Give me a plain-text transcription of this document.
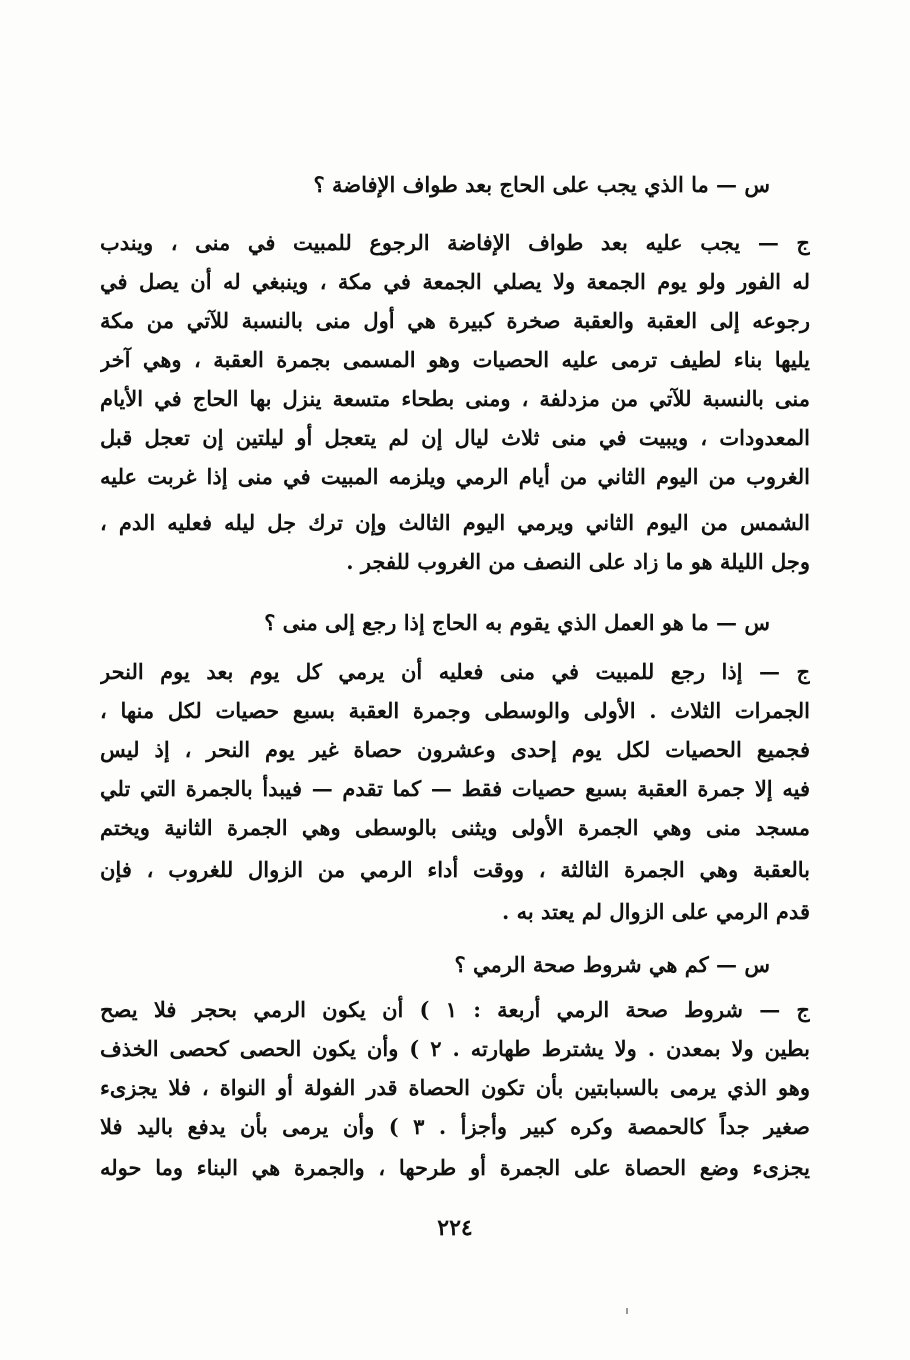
س — ما الذي يجب على الحاج بعد طواف الإفاضة ؟
ج — يجب عليه بعد طواف الإفاضة الرجوع للمبيت في منى ، ويندب
له الفور ولو يوم الجمعة ولا يصلي الجمعة في مكة ، وينبغي له أن يصل في
رجوعه إلى العقبة والعقبة صخرة كبيرة هي أول منى بالنسبة للآتي من مكة
يليها بناء لطيف ترمى عليه الحصيات وهو المسمى بجمرة العقبة ، وهي آخر
منى بالنسبة للآتي من مزدلفة ، ومنى بطحاء متسعة ينزل بها الحاج في الأيام
المعدودات ، ويبيت في منى ثلاث ليال إن لم يتعجل أو ليلتين إن تعجل قبل
الغروب من اليوم الثاني من أيام الرمي ويلزمه المبيت في منى إذا غربت عليه
الشمس من اليوم الثاني ويرمي اليوم الثالث وإن ترك جل ليله فعليه الدم ،
وجل الليلة هو ما زاد على النصف من الغروب للفجر .
س — ما هو العمل الذي يقوم به الحاج إذا رجع إلى منى ؟
ج — إذا رجع للمبيت في منى فعليه أن يرمي كل يوم بعد يوم النحر
الجمرات الثلاث . الأولى والوسطى وجمرة العقبة بسبع حصيات لكل منها ،
فجميع الحصيات لكل يوم إحدى وعشرون حصاة غير يوم النحر ، إذ ليس
فيه إلا جمرة العقبة بسبع حصيات فقط — كما تقدم — فيبدأ بالجمرة التي تلي
مسجد منى وهي الجمرة الأولى ويثنى بالوسطى وهي الجمرة الثانية ويختم
بالعقبة وهي الجمرة الثالثة ، ووقت أداء الرمي من الزوال للغروب ، فإن
قدم الرمي على الزوال لم يعتد به .
س — كم هي شروط صحة الرمي ؟
ج — شروط صحة الرمي أربعة : ١ ) أن يكون الرمي بحجر فلا يصح
بطين ولا بمعدن . ولا يشترط طهارته . ٢ ) وأن يكون الحصى كحصى الخذف
وهو الذي يرمى بالسبابتين بأن تكون الحصاة قدر الفولة أو النواة ، فلا يجزىء
صغير جداً كالحمصة وكره كبير وأجزأ . ٣ ) وأن يرمى بأن يدفع باليد فلا
يجزىء وضع الحصاة على الجمرة أو طرحها ، والجمرة هي البناء وما حوله
٢٢٤
